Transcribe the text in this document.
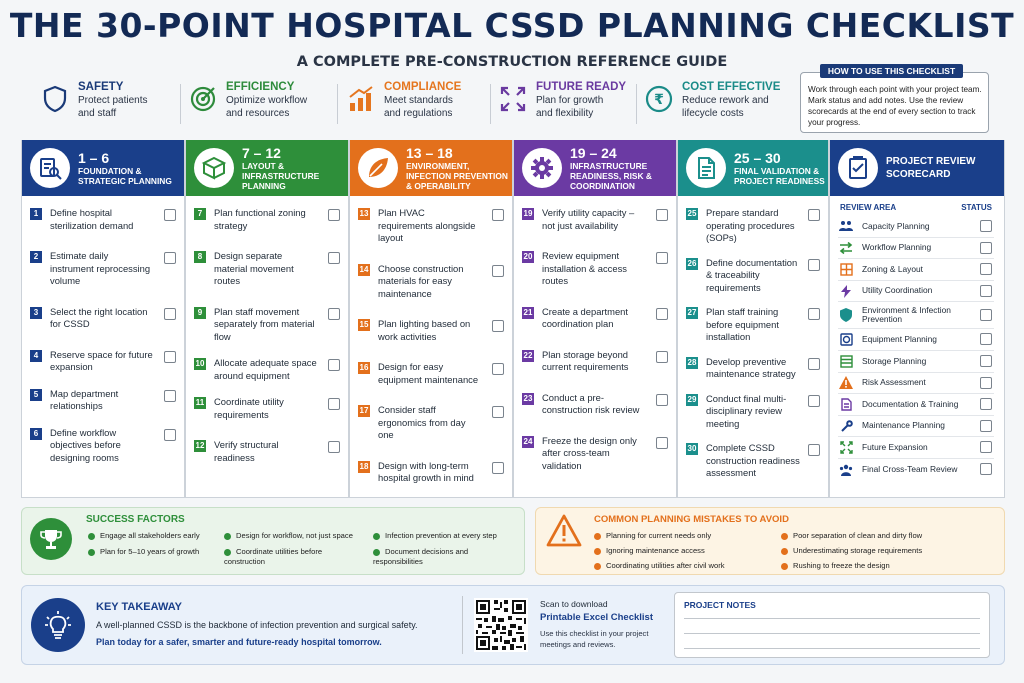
THE 30-POINT HOSPITAL CSSD PLANNING CHECKLIST
A COMPLETE PRE-CONSTRUCTION REFERENCE GUIDE
SAFETY
Protect patients
and staff
EFFICIENCY
Optimize workflow
and resources
COMPLIANCE
Meet standards
and regulations
FUTURE READY
Plan for growth
and flexibility
₹
COST EFFECTIVE
Reduce rework and
lifecycle costs
HOW TO USE THIS CHECKLIST
Work through each point with your project team. Mark status and add notes. Use the review scorecards at the end of every section to track your progress.
1 – 6
FOUNDATION & STRATEGIC PLANNING
1	Define hospital sterilization demand
2	Estimate daily instrument reprocessing volume
3	Select the right location for CSSD
4	Reserve space for future expansion
5	Map department relationships
6	Define workflow objectives before designing rooms
7 – 12
LAYOUT & INFRASTRUCTURE PLANNING
7	Plan functional zoning strategy
8	Design separate material movement routes
9	Plan staff movement separately from material flow
10 Allocate adequate space around equipment
11 Coordinate utility requirements
12 Verify structural readiness
13 – 18
ENVIRONMENT, INFECTION PREVENTION & OPERABILITY
13 Plan HVAC requirements alongside layout
14 Choose construction materials for easy maintenance
15 Plan lighting based on work activities
16 Design for easy equipment maintenance
17 Consider staff ergonomics from day one
18 Design with long-term hospital growth in mind
19 – 24
INFRASTRUCTURE READINESS, RISK & COORDINATION
19 Verify utility capacity – not just availability
20 Review equipment installation & access routes
21 Create a department coordination plan
22 Plan storage beyond current requirements
23 Conduct a pre-construction risk review
24 Freeze the design only after cross-team validation
25 – 30
FINAL VALIDATION & PROJECT READINESS
25 Prepare standard operating procedures (SOPs)
26 Define documentation & traceability requirements
27 Plan staff training before equipment installation
28 Develop preventive maintenance strategy
29 Conduct final multi-disciplinary review meeting
30 Complete CSSD construction readiness assessment
PROJECT REVIEW SCORECARD
REVIEW AREA	STATUS
Capacity Planning
Workflow Planning
Zoning & Layout
Utility Coordination
Environment & Infection Prevention
Equipment Planning
Storage Planning
Risk Assessment
Documentation & Training
Maintenance Planning
Future Expansion
Final Cross-Team Review
SUCCESS FACTORS
Engage all stakeholders early
Plan for 5–10 years of growth
Design for workflow, not just space
Coordinate utilities before construction
Infection prevention at every step
Document decisions and responsibilities
COMMON PLANNING MISTAKES TO AVOID
Planning for current needs only
Ignoring maintenance access
Coordinating utilities after civil work
Poor separation of clean and dirty flow
Underestimating storage requirements
Rushing to freeze the design
KEY TAKEAWAY
A well-planned CSSD is the backbone of infection prevention and surgical safety.
Plan today for a safer, smarter and future-ready hospital tomorrow.
Scan to download
Printable Excel Checklist
Use this checklist in your project meetings and reviews.
PROJECT NOTES
